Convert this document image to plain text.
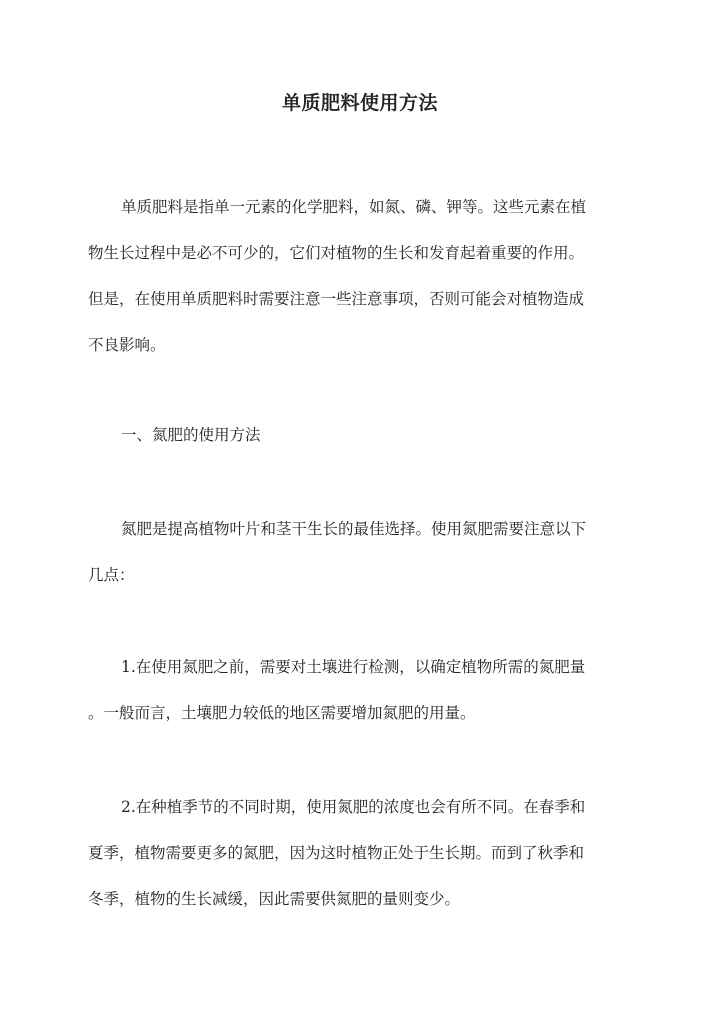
单质肥料使用方法

单质肥料是指单一元素的化学肥料，如氮、磷、钾等。这些元素在植
物生长过程中是必不可少的，它们对植物的生长和发育起着重要的作用。
但是，在使用单质肥料时需要注意一些注意事项，否则可能会对植物造成
不良影响。

一、氮肥的使用方法

氮肥是提高植物叶片和茎干生长的最佳选择。使用氮肥需要注意以下
几点：

1.在使用氮肥之前，需要对土壤进行检测，以确定植物所需的氮肥量
。一般而言，土壤肥力较低的地区需要增加氮肥的用量。

2.在种植季节的不同时期，使用氮肥的浓度也会有所不同。在春季和
夏季，植物需要更多的氮肥，因为这时植物正处于生长期。而到了秋季和
冬季，植物的生长减缓，因此需要供氮肥的量则变少。
